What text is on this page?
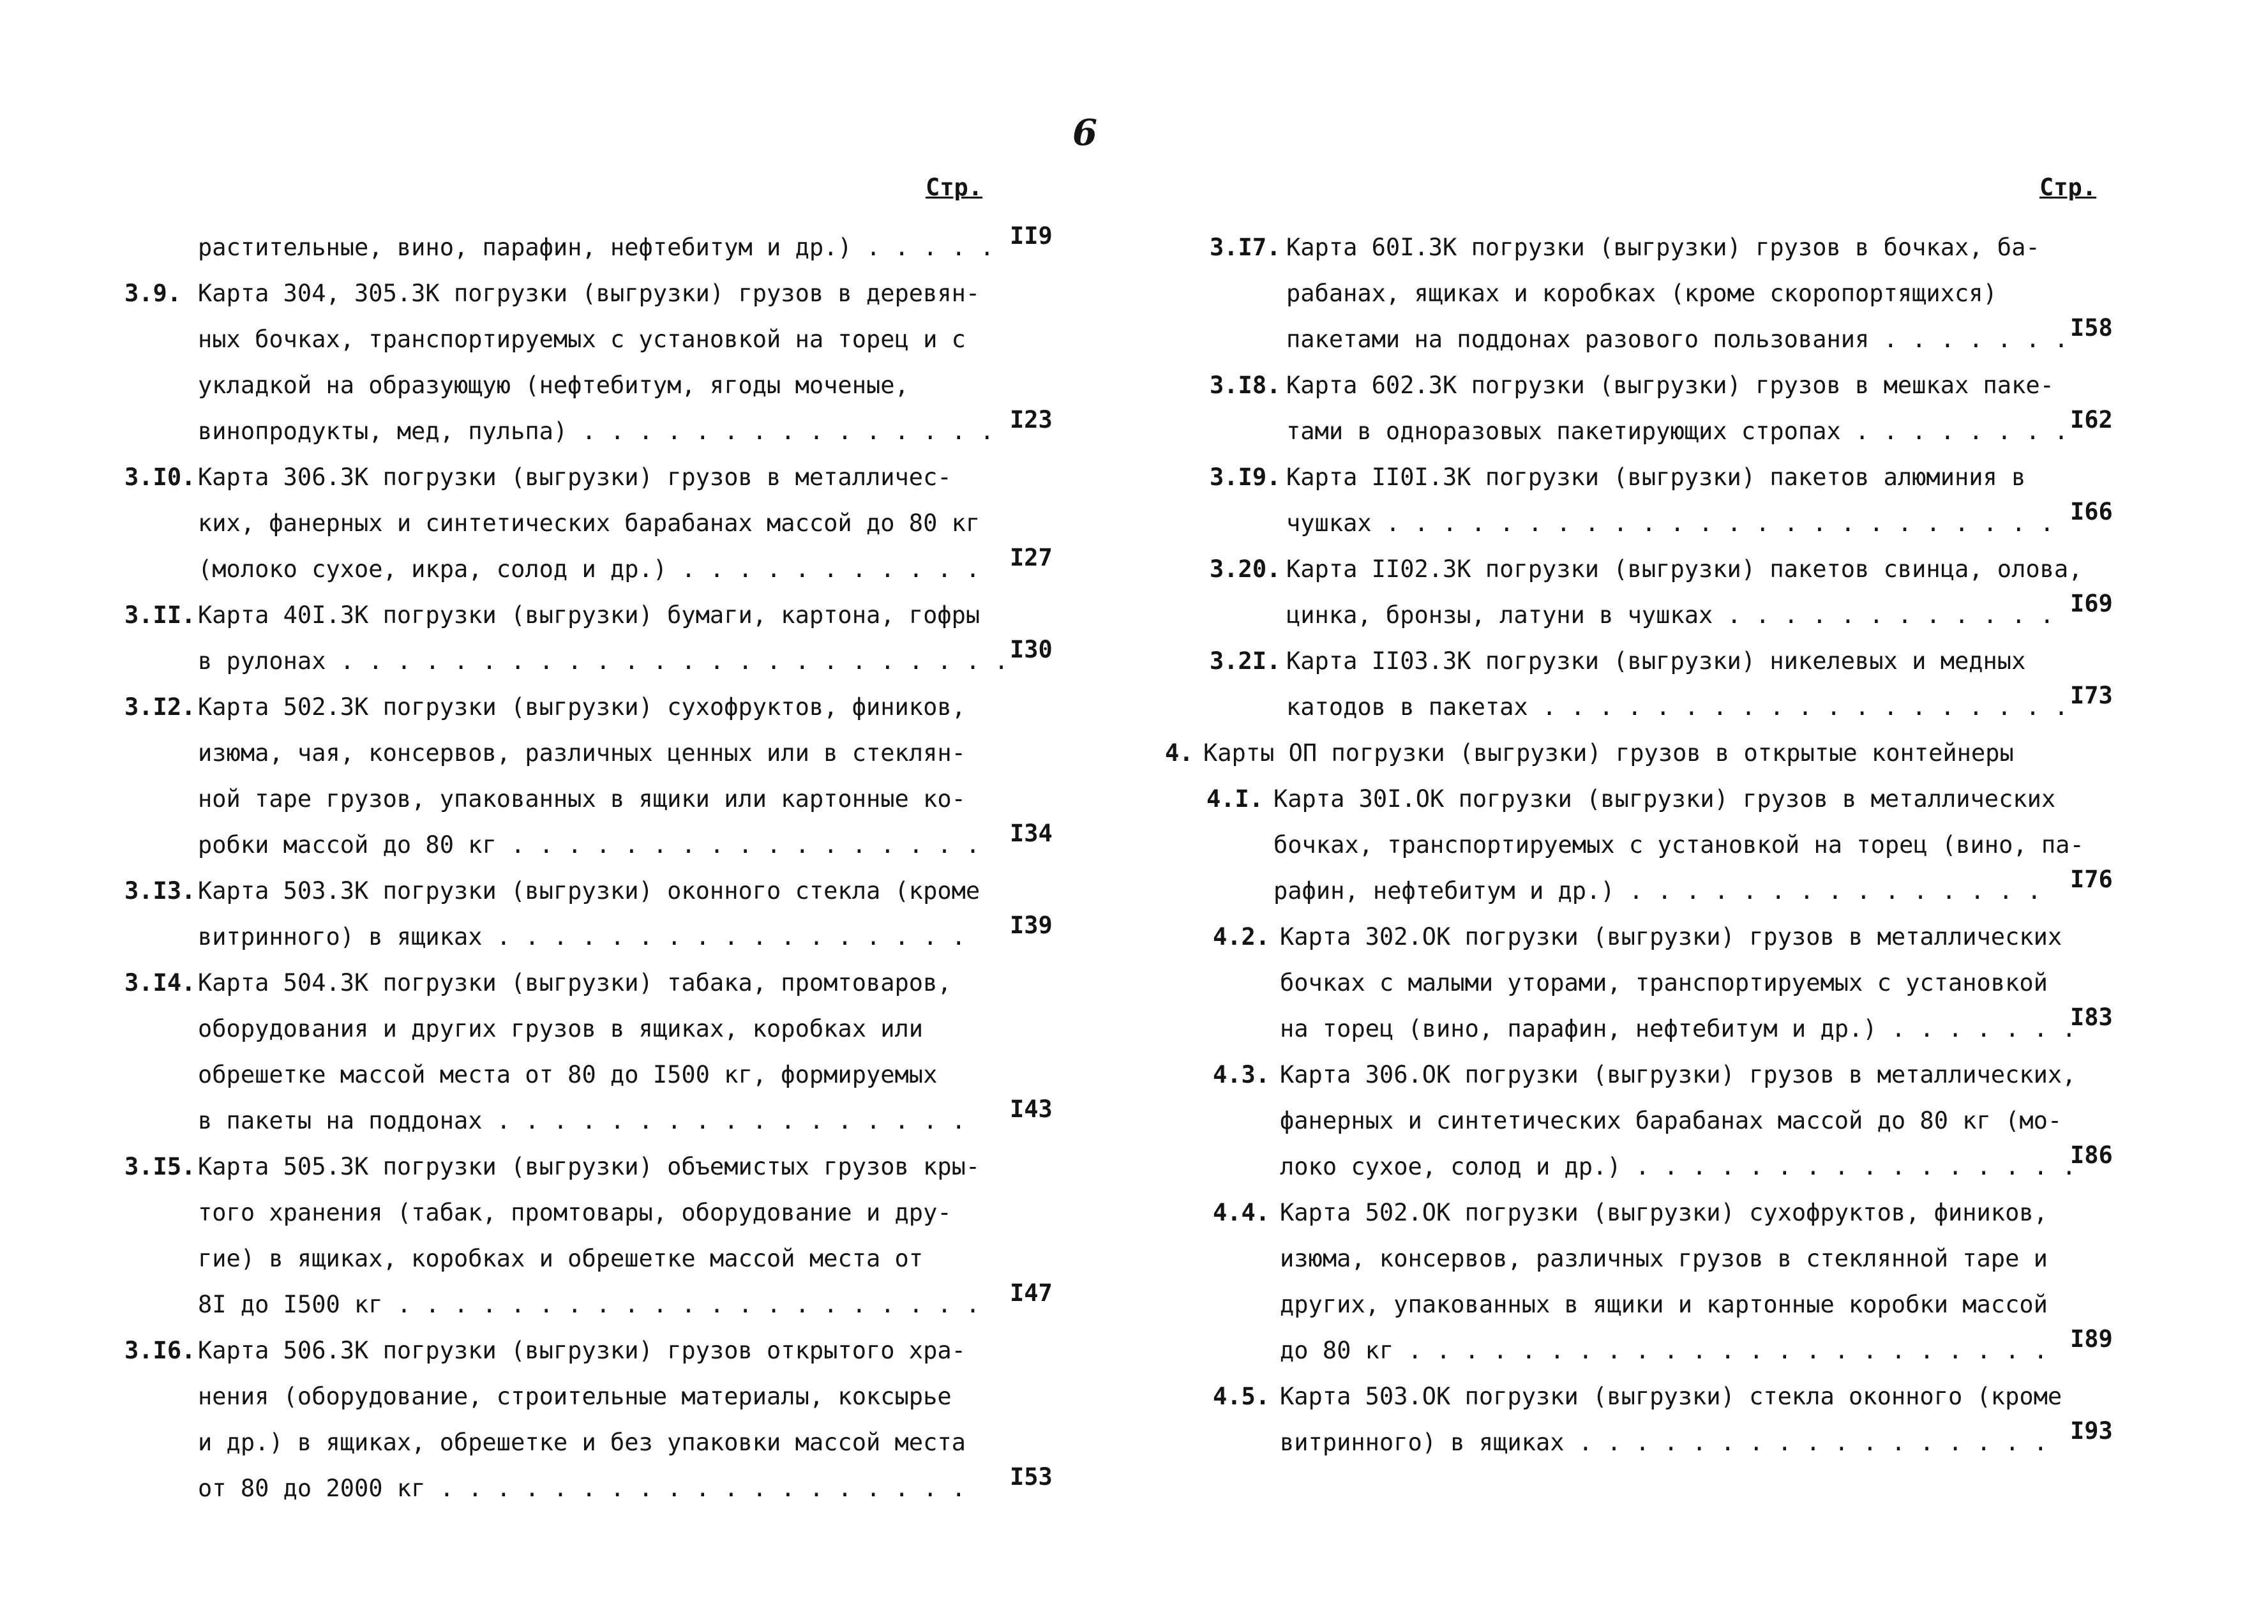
6
Стр.
растительные, вино, парафин, нефтебитум и др.) . . . . . II9
3.9. Карта 304, 305.3К погрузки (выгрузки) грузов в деревян-
ных бочках, транспортируемых с установкой на торец и с
укладкой на образующую (нефтебитум, ягоды моченые,
винопродукты, мед, пульпа) . . . . . . . . . . . . . . . I23
3.I0. Карта 306.3К погрузки (выгрузки) грузов в металличес-
ких, фанерных и синтетических барабанах массой до 80 кг
(молоко сухое, икра, солод и др.) . . . . . . . . . . . I27
3.II. Карта 40I.3К погрузки (выгрузки) бумаги, картона, гофры
в рулонах . . . . . . . . . . . . . . . . . . . . . . . . I30
3.I2. Карта 502.3К погрузки (выгрузки) сухофруктов, фиников,
изюма, чая, консервов, различных ценных или в стеклян-
ной таре грузов, упакованных в ящики или картонные ко-
робки массой до 80 кг . . . . . . . . . . . . . . . . . I34
3.I3. Карта 503.3К погрузки (выгрузки) оконного стекла (кроме
витринного) в ящиках . . . . . . . . . . . . . . . . . I39
3.I4. Карта 504.3К погрузки (выгрузки) табака, промтоваров,
оборудования и других грузов в ящиках, коробках или
обрешетке массой места от 80 до I500 кг, формируемых
в пакеты на поддонах . . . . . . . . . . . . . . . . . I43
3.I5. Карта 505.3К погрузки (выгрузки) объемистых грузов кры-
того хранения (табак, промтовары, оборудование и дру-
гие) в ящиках, коробках и обрешетке массой места от
8I до I500 кг . . . . . . . . . . . . . . . . . . . . . I47
3.I6. Карта 506.3К погрузки (выгрузки) грузов открытого хра-
нения (оборудование, строительные материалы, коксырье
и др.) в ящиках, обрешетке и без упаковки массой места
от 80 до 2000 кг . . . . . . . . . . . . . . . . . . . I53
Стр.
3.I7. Карта 60I.3К погрузки (выгрузки) грузов в бочках, ба-
рабанах, ящиках и коробках (кроме скоропортящихся)
пакетами на поддонах разового пользования . . . . . . . I58
3.I8. Карта 602.3К погрузки (выгрузки) грузов в мешках паке-
тами в одноразовых пакетирующих стропах . . . . . . . . I62
3.I9. Карта II0I.3К погрузки (выгрузки) пакетов алюминия в
чушках . . . . . . . . . . . . . . . . . . . . . . . . I66
3.20. Карта II02.3К погрузки (выгрузки) пакетов свинца, олова,
цинка, бронзы, латуни в чушках . . . . . . . . . . . . I69
3.2I. Карта II03.3К погрузки (выгрузки) никелевых и медных
катодов в пакетах . . . . . . . . . . . . . . . . . . . I73
4. Карты ОП погрузки (выгрузки) грузов в открытые контейнеры
4.I. Карта 30I.ОК погрузки (выгрузки) грузов в металлических
бочках, транспортируемых с установкой на торец (вино, па-
рафин, нефтебитум и др.) . . . . . . . . . . . . . . . I76
4.2. Карта 302.ОК погрузки (выгрузки) грузов в металлических
бочках с малыми уторами, транспортируемых с установкой
на торец (вино, парафин, нефтебитум и др.) . . . . . . .
I83
4.3. Карта 306.ОК погрузки (выгрузки) грузов в металлических,
фанерных и синтетических барабанах массой до 80 кг (мо-
локо сухое, солод и др.) . . . . . . . . . . . . . . . .
I86
4.4. Карта 502.ОК погрузки (выгрузки) сухофруктов, фиников,
изюма, консервов, различных грузов в стеклянной таре и
других, упакованных в ящики и картонные коробки массой
до 80 кг . . . . . . . . . . . . . . . . . . . . . . . I89
4.5. Карта 503.ОК погрузки (выгрузки) стекла оконного (кроме
витринного) в ящиках . . . . . . . . . . . . . . . . . I93
